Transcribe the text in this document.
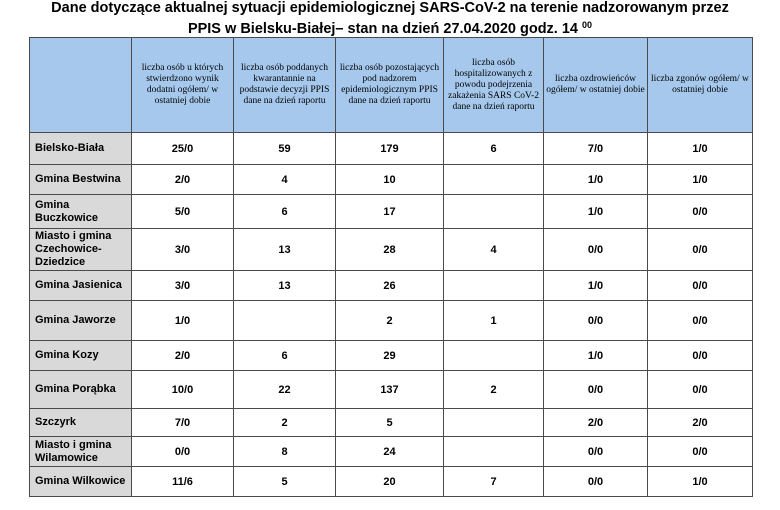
Dane dotyczące aktualnej sytuacji epidemiologicznej SARS-CoV-2 na terenie nadzorowanym przez
PPIS w Bielsku-Białej– stan na dzień 27.04.2020 godz. 14 $^{00}$
	liczba osób u których stwierdzono wynik dodatni ogółem/ w ostatniej dobie	liczba osób poddanych kwarantannie na podstawie decyzji PPIS dane na dzień raportu	liczba osób pozostających pod nadzorem epidemiologicznym PPIS dane na dzień raportu	liczba osób hospitalizowanych z powodu podejrzenia zakażenia SARS CoV-2 dane na dzień raportu	liczba ozdrowieńców ogółem/ w ostatniej dobie	liczba zgonów ogółem/ w ostatniej dobie
Bielsko-Biała	25/0	59	179	6	7/0	1/0
Gmina Bestwina	2/0	4	10		1/0	1/0
Gmina Buczkowice	5/0	6	17		1/0	0/0
Miasto i gmina Czechowice-Dziedzice	3/0	13	28	4	0/0	0/0
Gmina Jasienica	3/0	13	26		1/0	0/0
Gmina Jaworze	1/0		2	1	0/0	0/0
Gmina Kozy	2/0	6	29		1/0	0/0
Gmina Porąbka	10/0	22	137	2	0/0	0/0
Szczyrk	7/0	2	5		2/0	2/0
Miasto i gmina Wilamowice	0/0	8	24		0/0	0/0
Gmina Wilkowice	11/6	5	20	7	0/0	1/0
